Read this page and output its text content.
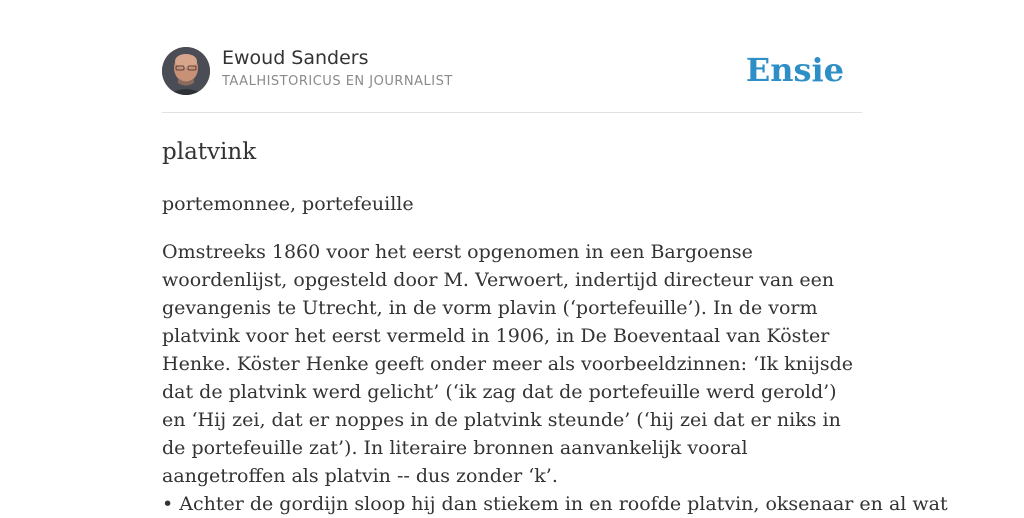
Ewoud Sanders
TAALHISTORICUS EN JOURNALIST	Ensie
platvink
portemonnee, portefeuille

Omstreeks 1860 voor het eerst opgenomen in een Bargoense woordenlijst, opgesteld door M. Verwoert, indertijd directeur van een gevangenis te Utrecht, in de vorm plavin (‘portefeuille’). In de vorm platvink voor het eerst vermeld in 1906, in De Boeventaal van Köster Henke. Köster Henke geeft onder meer als voorbeeldzinnen: ‘Ik knijsde dat de platvink werd gelicht’ (‘ik zag dat de portefeuille werd gerold’) en ‘Hij zei, dat er noppes in de platvink steunde’ (‘hij zei dat er niks in de portefeuille zat’). In literaire bronnen aanvankelijk vooral aangetroffen als platvin -- dus zonder ‘k’.

• Achter de gordijn sloop hij dan stiekem in en roofde platvin, oksenaar en al wat
